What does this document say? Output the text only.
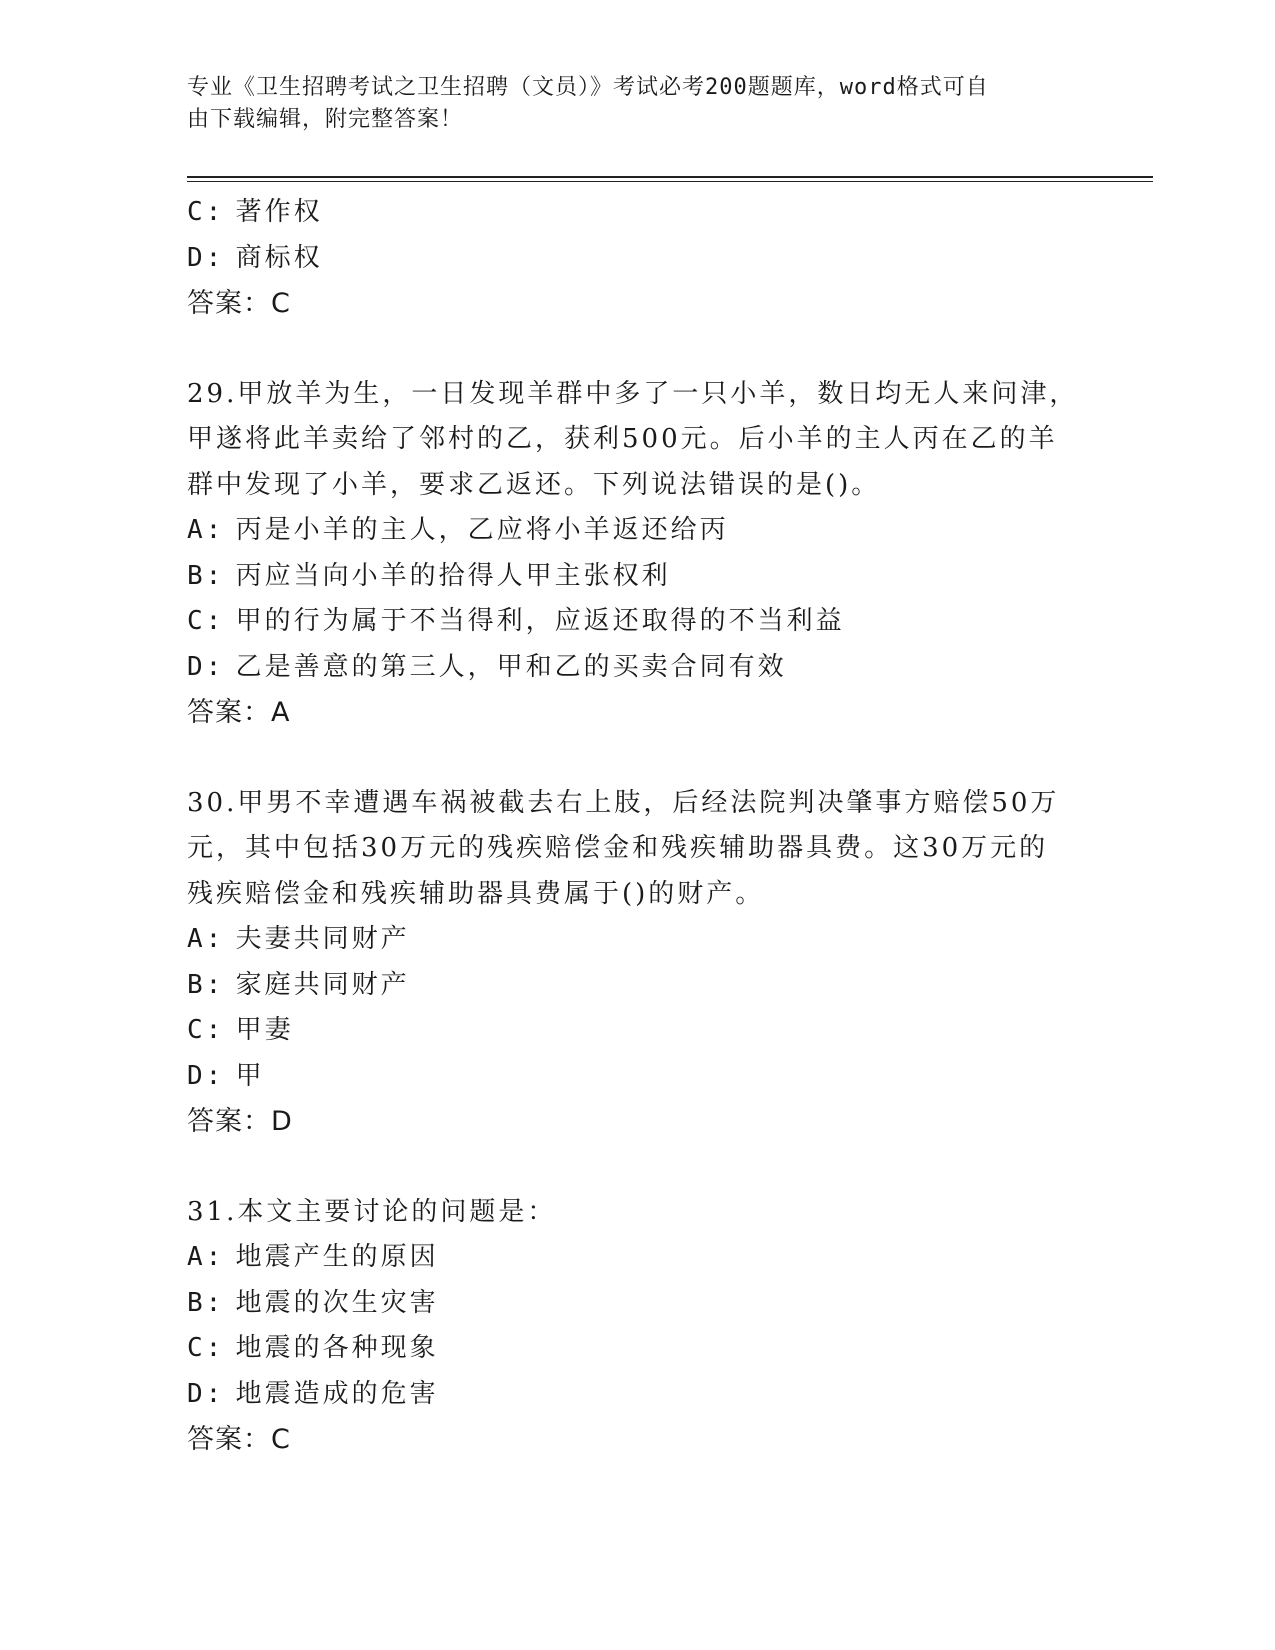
专业《卫生招聘考试之卫生招聘（文员）》考试必考200题题库，word格式可自
由下载编辑，附完整答案！
C: 著作权
D: 商标权
答案：C
29.甲放羊为生，一日发现羊群中多了一只小羊，数日均无人来问津，
甲遂将此羊卖给了邻村的乙，获利500元。后小羊的主人丙在乙的羊
群中发现了小羊，要求乙返还。下列说法错误的是()。
A: 丙是小羊的主人，乙应将小羊返还给丙
B: 丙应当向小羊的拾得人甲主张权利
C: 甲的行为属于不当得利，应返还取得的不当利益
D: 乙是善意的第三人，甲和乙的买卖合同有效
答案：A
30.甲男不幸遭遇车祸被截去右上肢，后经法院判决肇事方赔偿50万
元，其中包括30万元的残疾赔偿金和残疾辅助器具费。这30万元的
残疾赔偿金和残疾辅助器具费属于()的财产。
A: 夫妻共同财产
B: 家庭共同财产
C: 甲妻
D: 甲
答案：D
31.本文主要讨论的问题是：
A: 地震产生的原因
B: 地震的次生灾害
C: 地震的各种现象
D: 地震造成的危害
答案：C
